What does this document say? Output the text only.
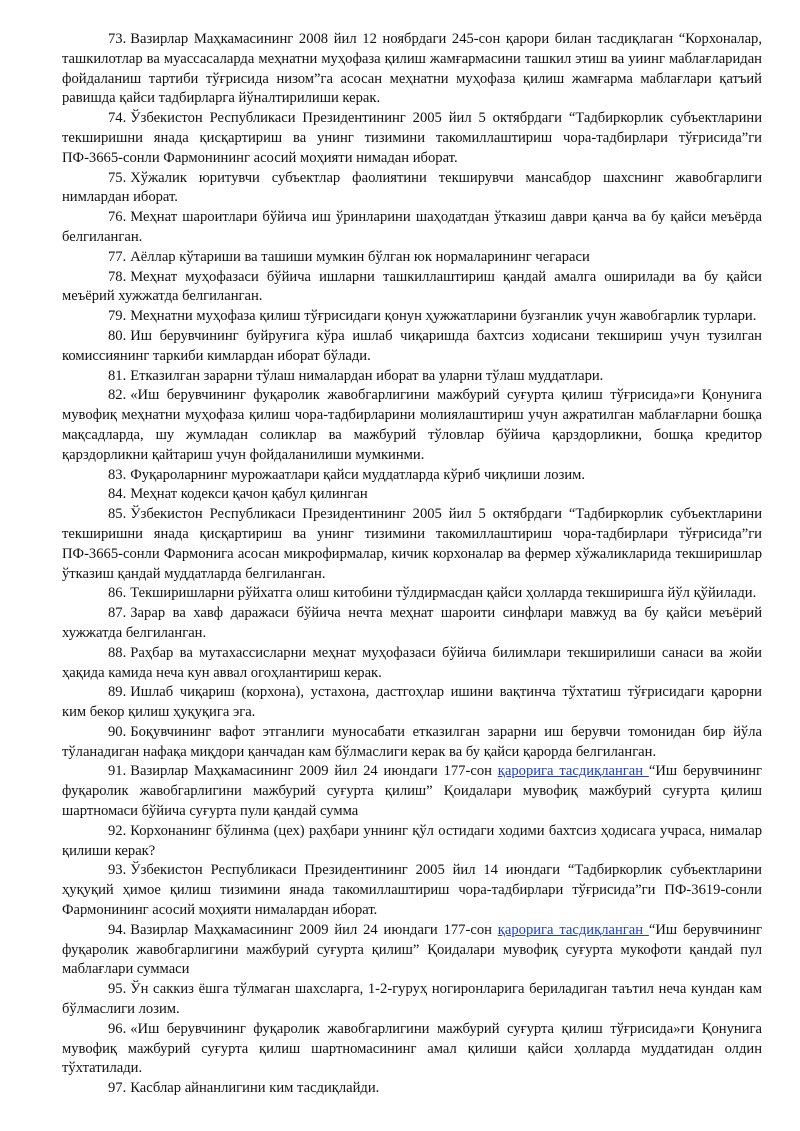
73. Вазирлар Маҳкамасининг 2008 йил 12 ноябрдаги 245-сон қарори билан тасдиқлаган “Корхоналар, ташкилотлар ва муассасаларда меҳнатни муҳофаза қилиш жамғармасини ташкил этиш ва уиинг маблағларидан фойдаланиш тартиби тўғрисида низом”га асосан меҳнатни муҳофаза қилиш жамғарма маблағлари қатъий равишда қайси тадбирларга йўналтирилиши керак.

74. Ўзбекистон Республикаси Президентининг 2005 йил 5 октябрдаги “Тадбиркорлик субъектларини текширишни янада қисқартириш ва унинг тизимини такомиллаштириш чора-тадбирлари тўғрисида”ги ПФ-3665-сонли Фармонининг асосий моҳияти нимадан иборат.

75. Хўжалик юритувчи субъектлар фаолиятини текширувчи мансабдор шахснинг жавобгарлиги нимлардан иборат.

76. Меҳнат шароитлари бўйича иш ўринларини шаҳодатдан ўтказиш даври қанча ва бу қайси меъёрда белгиланган.

77. Аёллар кўтариши ва ташиши мумкин бўлган юк нормаларининг чегараси

78. Меҳнат муҳофазаси бўйича ишларни ташкиллаштириш қандай амалга оширилади ва бу қайси меъёрий хужжатда белгиланган.

79. Меҳнатни муҳофаза қилиш тўғрисидаги қонун ҳужжатларини бузганлик учун жавобгарлик турлари.

80. Иш берувчининг буйруғига кўра ишлаб чиқаришда бахтсиз ходисани текшириш учун тузилган комиссиянинг таркиби кимлардан иборат бўлади.

81. Етказилган зарарни тўлаш нималардан иборат ва уларни тўлаш муддатлари.

82. «Иш берувчининг фуқаролик жавобгарлигини мажбурий суғурта қилиш тўғрисида»ги Қонунига мувофиқ меҳнатни муҳофаза қилиш чора-тадбирларини молиялаштириш учун ажратилган маблағларни бошқа мақсадларда, шу жумладан соликлар ва мажбурий тўловлар бўйича қарздорликни, бошқа кредитор қарздорликни қайтариш учун фойдаланилиши мумкинми.

83. Фуқароларнинг мурожаатлари қайси муддатларда кўриб чиқлиши лозим.

84. Меҳнат кодекси қачон қабул қилинган

85. Ўзбекистон Республикаси Президентининг 2005 йил 5 октябрдаги “Тадбиркорлик субъектларини текширишни янада қисқартириш ва унинг тизимини такомиллаштириш чора-тадбирлари тўғрисида”ги ПФ-3665-сонли Фармонига асосан микрофирмалар, кичик корхоналар ва фермер хўжаликларида текширишлар ўтказиш қандай муддатларда белгиланган.

86. Текширишларни рўйхатга олиш китобини тўлдирмасдан қайси ҳолларда текширишга йўл қўйилади.

87. Зарар ва хавф даражаси бўйича нечта меҳнат шароити синфлари мавжуд ва бу қайси меъёрий хужжатда белгиланган.

88. Раҳбар ва мутахассисларни меҳнат муҳофазаси бўйича билимлари текширилиши санаси ва жойи ҳақида камида неча кун аввал огоҳлантириш керак.

89. Ишлаб чиқариш (корхона), устахона, дастгоҳлар ишини вақтинча тўхтатиш тўғрисидаги қарорни ким бекор қилиш ҳуқуқига эга.

90. Боқувчининг вафот этганлиги муносабати етказилган зарарни иш берувчи томонидан бир йўла тўланадиган нафақа миқдори қанчадан кам бўлмаслиги керак ва бу қайси қарорда белгиланган.

91. Вазирлар Маҳкамасининг 2009 йил 24 июндаги 177-сон қарорига тасдиқланган “Иш берувчининг фуқаролик жавобгарлигини мажбурий суғурта қилиш” Қоидалари мувофиқ мажбурий суғурта қилиш шартномаси бўйича суғурта пули қандай сумма

92. Корхонанинг бўлинма (цех) раҳбари уннинг қўл остидаги ходими бахтсиз ҳодисага учраса, нималар қилиши керак?

93. Ўзбекистон Республикаси Президентининг 2005 йил 14 июндаги “Тадбиркорлик субъектларини ҳуқуқий ҳимое қилиш тизимини янада такомиллаштириш чора-тадбирлари тўғрисида”ги ПФ-3619-сонли Фармонининг асосий моҳияти нималардан иборат.

94. Вазирлар Маҳкамасининг 2009 йил 24 июндаги 177-сон қарорига тасдиқланган “Иш берувчининг фуқаролик жавобгарлигини мажбурий суғурта қилиш” Қоидалари мувофиқ суғурта мукофоти қандай пул маблағлари суммаси

95. Ўн саккиз ёшга тўлмаган шахсларга, 1-2-гуруҳ ногиронларига бериладиган таътил неча кундан кам бўлмаслиги лозим.

96. «Иш берувчининг фуқаролик жавобгарлигини мажбурий суғурта қилиш тўғрисида»ги Қонунига мувофиқ мажбурий суғурта қилиш шартномасининг амал қилиши қайси ҳолларда муддатидан олдин тўхтатилади.

97. Касблар айнанлигини ким тасдиқлайди.
